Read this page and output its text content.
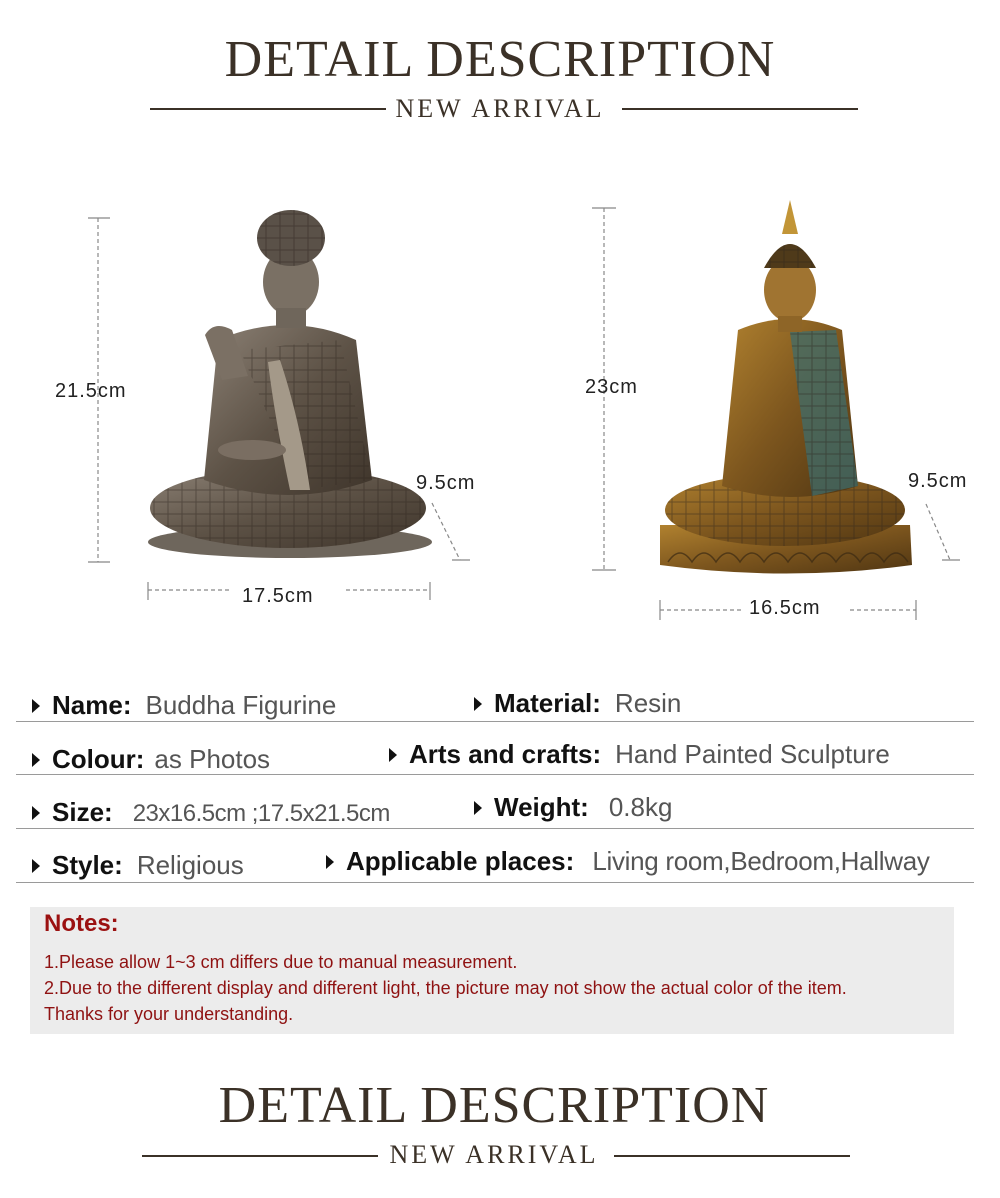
DETAIL DESCRIPTION
NEW ARRIVAL
21.5cm
9.5cm
17.5cm
23cm
9.5cm
16.5cm
Name: Buddha Figurine	Material: Resin
Colour: as Photos	Arts and crafts: Hand Painted Sculpture
Size: 23x16.5cm ;17.5x21.5cm	Weight: 0.8kg
Style: Religious	Applicable places: Living room,Bedroom,Hallway
Notes:
1.Please allow 1~3 cm differs due to manual measurement.
2.Due to the different display and different light, the picture may not show the actual color of the item.
Thanks for your understanding.
DETAIL DESCRIPTION
NEW ARRIVAL
